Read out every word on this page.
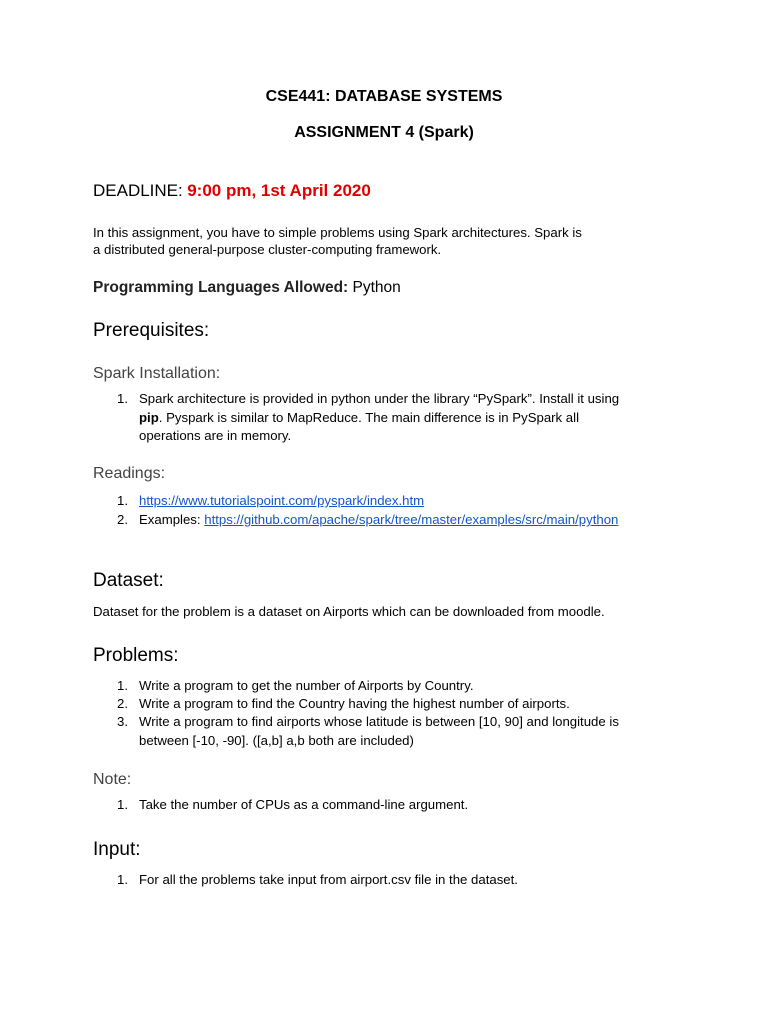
CSE441: DATABASE SYSTEMS
ASSIGNMENT 4 (Spark)
DEADLINE: 9:00 pm, 1st April 2020
In this assignment, you have to simple problems using Spark architectures. Spark is
a distributed general-purpose cluster-computing framework.
Programming Languages Allowed: Python
Prerequisites:
Spark Installation:
1. Spark architecture is provided in python under the library “PySpark”. Install it using
pip. Pyspark is similar to MapReduce. The main difference is in PySpark all
operations are in memory.
Readings:
1. https://www.tutorialspoint.com/pyspark/index.htm
2. Examples: https://github.com/apache/spark/tree/master/examples/src/main/python
Dataset:
Dataset for the problem is a dataset on Airports which can be downloaded from moodle.
Problems:
1. Write a program to get the number of Airports by Country.
2. Write a program to find the Country having the highest number of airports.
3. Write a program to find airports whose latitude is between [10, 90] and longitude is
between [-10, -90]. ([a,b] a,b both are included)
Note:
1. Take the number of CPUs as a command-line argument.
Input:
1. For all the problems take input from airport.csv file in the dataset.
